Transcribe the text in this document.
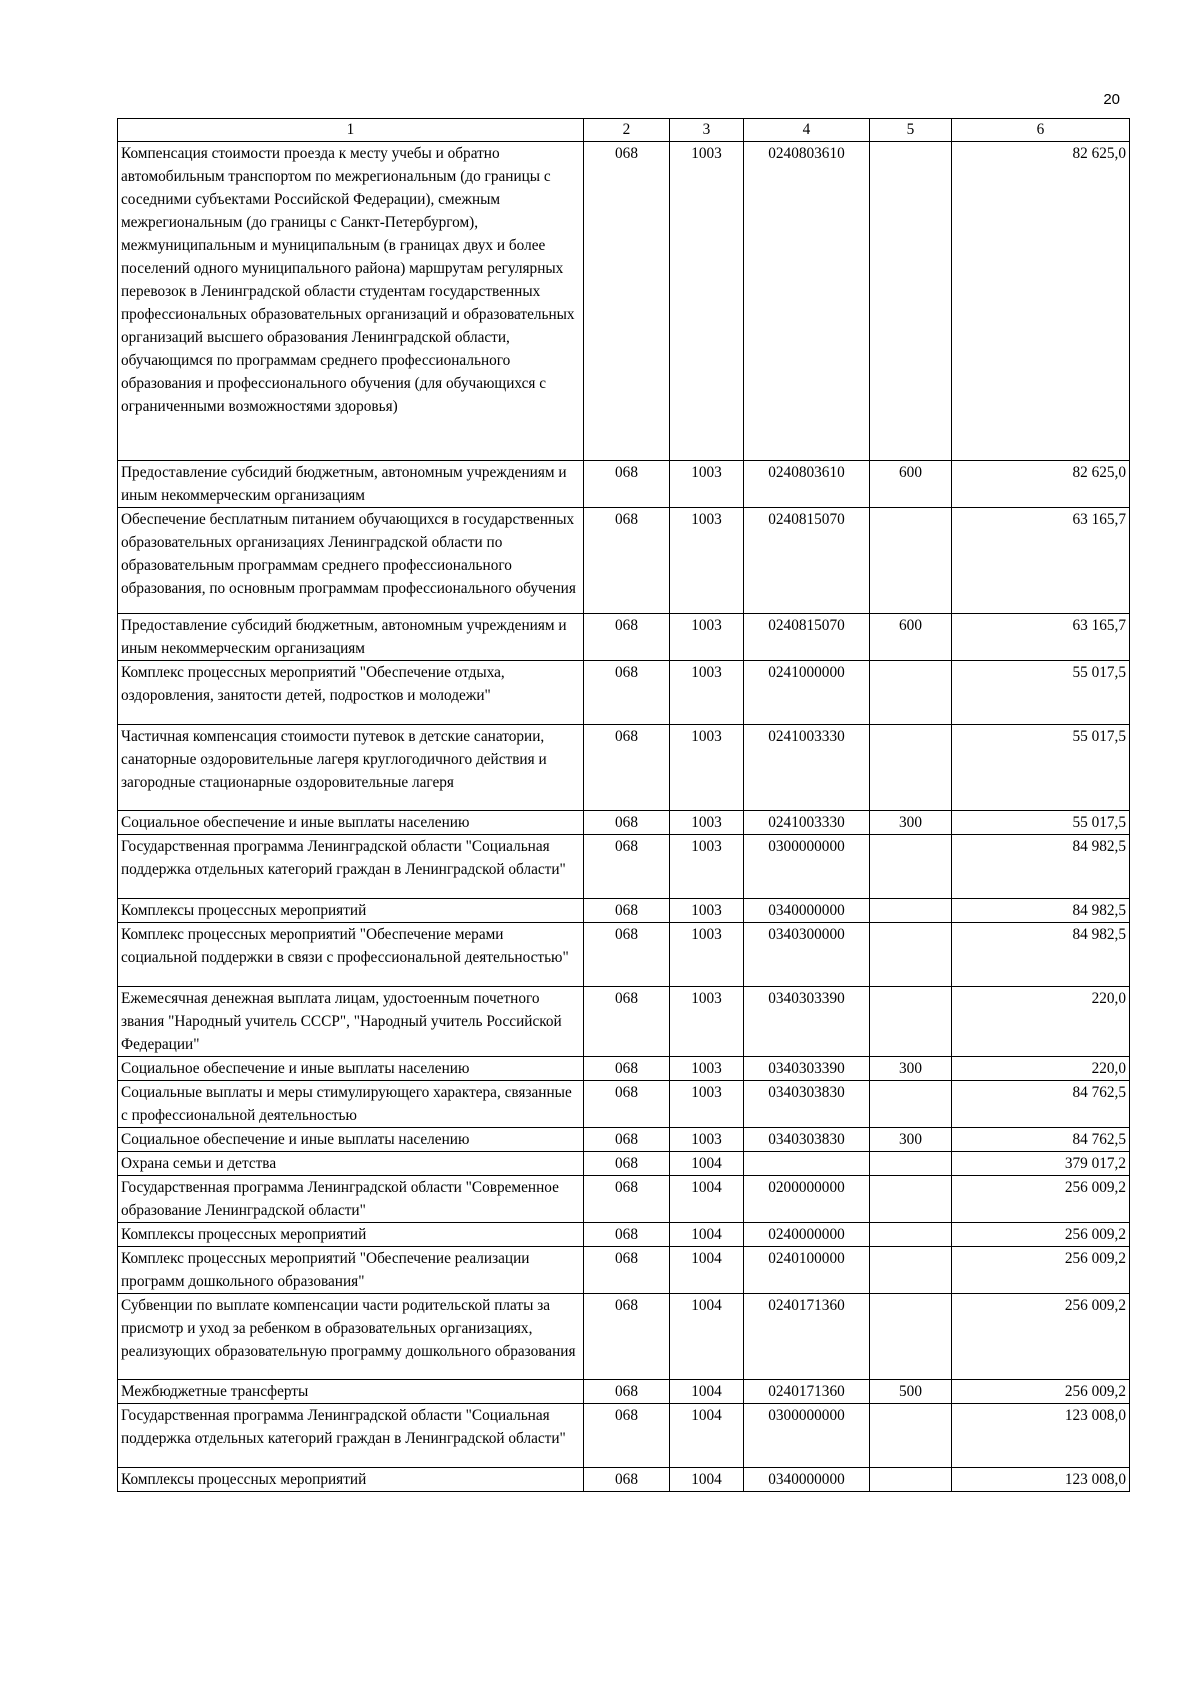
20
1	2	3	4	5	6
Компенсация стоимости проезда к месту учебы и обратно автомобильным транспортом по межрегиональным (до границы с соседними субъектами Российской Федерации), смежным межрегиональным (до границы с Санкт-Петербургом), межмуниципальным и муниципальным (в границах двух и более поселений одного муниципального района) маршрутам регулярных перевозок в Ленинградской области студентам государственных профессиональных образовательных организаций и образовательных организаций высшего образования Ленинградской области, обучающимся по программам среднего профессионального образования и профессионального обучения (для обучающихся с ограниченными возможностями здоровья)	068	1003	0240803610		82 625,0
Предоставление субсидий бюджетным, автономным учреждениям и иным некоммерческим организациям	068	1003	0240803610	600	82 625,0
Обеспечение бесплатным питанием обучающихся в государственных образовательных организациях Ленинградской области по образовательным программам среднего профессионального образования, по основным программам профессионального обучения	068	1003	0240815070		63 165,7
Предоставление субсидий бюджетным, автономным учреждениям и иным некоммерческим организациям	068	1003	0240815070	600	63 165,7
Комплекс процессных мероприятий "Обеспечение отдыха, оздоровления, занятости детей, подростков и молодежи"	068	1003	0241000000		55 017,5
Частичная компенсация стоимости путевок в детские санатории, санаторные оздоровительные лагеря круглогодичного действия и загородные стационарные оздоровительные лагеря	068	1003	0241003330		55 017,5
Социальное обеспечение и иные выплаты населению	068	1003	0241003330	300	55 017,5
Государственная программа Ленинградской области "Социальная поддержка отдельных категорий граждан в Ленинградской области"	068	1003	0300000000		84 982,5
Комплексы процессных мероприятий	068	1003	0340000000		84 982,5
Комплекс процессных мероприятий "Обеспечение мерами социальной поддержки в связи с профессиональной деятельностью"	068	1003	0340300000		84 982,5
Ежемесячная денежная выплата лицам, удостоенным почетного звания "Народный учитель СССР", "Народный учитель Российской Федерации"	068	1003	0340303390		220,0
Социальное обеспечение и иные выплаты населению	068	1003	0340303390	300	220,0
Социальные выплаты и меры стимулирующего характера, связанные с профессиональной деятельностью	068	1003	0340303830		84 762,5
Социальное обеспечение и иные выплаты населению	068	1003	0340303830	300	84 762,5
Охрана семьи и детства	068	1004			379 017,2
Государственная программа Ленинградской области "Современное образование Ленинградской области"	068	1004	0200000000		256 009,2
Комплексы процессных мероприятий	068	1004	0240000000		256 009,2
Комплекс процессных мероприятий "Обеспечение реализации программ дошкольного образования"	068	1004	0240100000		256 009,2
Субвенции по выплате компенсации части родительской платы за присмотр и уход за ребенком в образовательных организациях, реализующих образовательную программу дошкольного образования	068	1004	0240171360		256 009,2
Межбюджетные трансферты	068	1004	0240171360	500	256 009,2
Государственная программа Ленинградской области "Социальная поддержка отдельных категорий граждан в Ленинградской области"	068	1004	0300000000		123 008,0
Комплексы процессных мероприятий	068	1004	0340000000		123 008,0
